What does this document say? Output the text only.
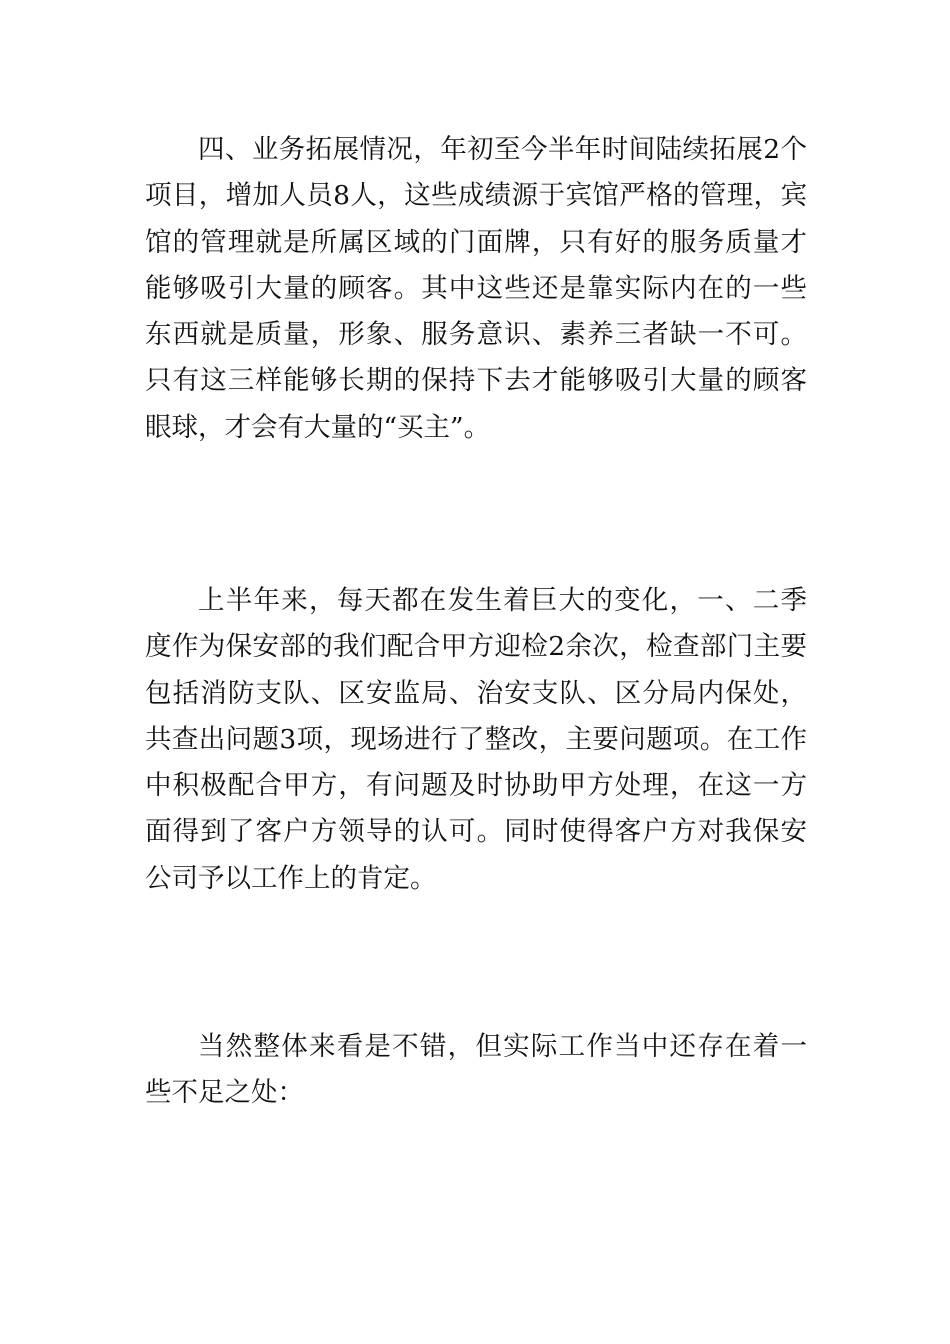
四、业务拓展情况，年初至今半年时间陆续拓展2个项目，增加人员8人，这些成绩源于宾馆严格的管理，宾馆的管理就是所属区域的门面牌，只有好的服务质量才能够吸引大量的顾客。其中这些还是靠实际内在的一些东西就是质量，形象、服务意识、素养三者缺一不可。只有这三样能够长期的保持下去才能够吸引大量的顾客眼球，才会有大量的“买主”。

上半年来，每天都在发生着巨大的变化，一、二季度作为保安部的我们配合甲方迎检2余次，检查部门主要包括消防支队、区安监局、治安支队、区分局内保处，共查出问题3项，现场进行了整改，主要问题项。在工作中积极配合甲方，有问题及时协助甲方处理，在这一方面得到了客户方领导的认可。同时使得客户方对我保安公司予以工作上的肯定。

当然整体来看是不错，但实际工作当中还存在着一些不足之处：
